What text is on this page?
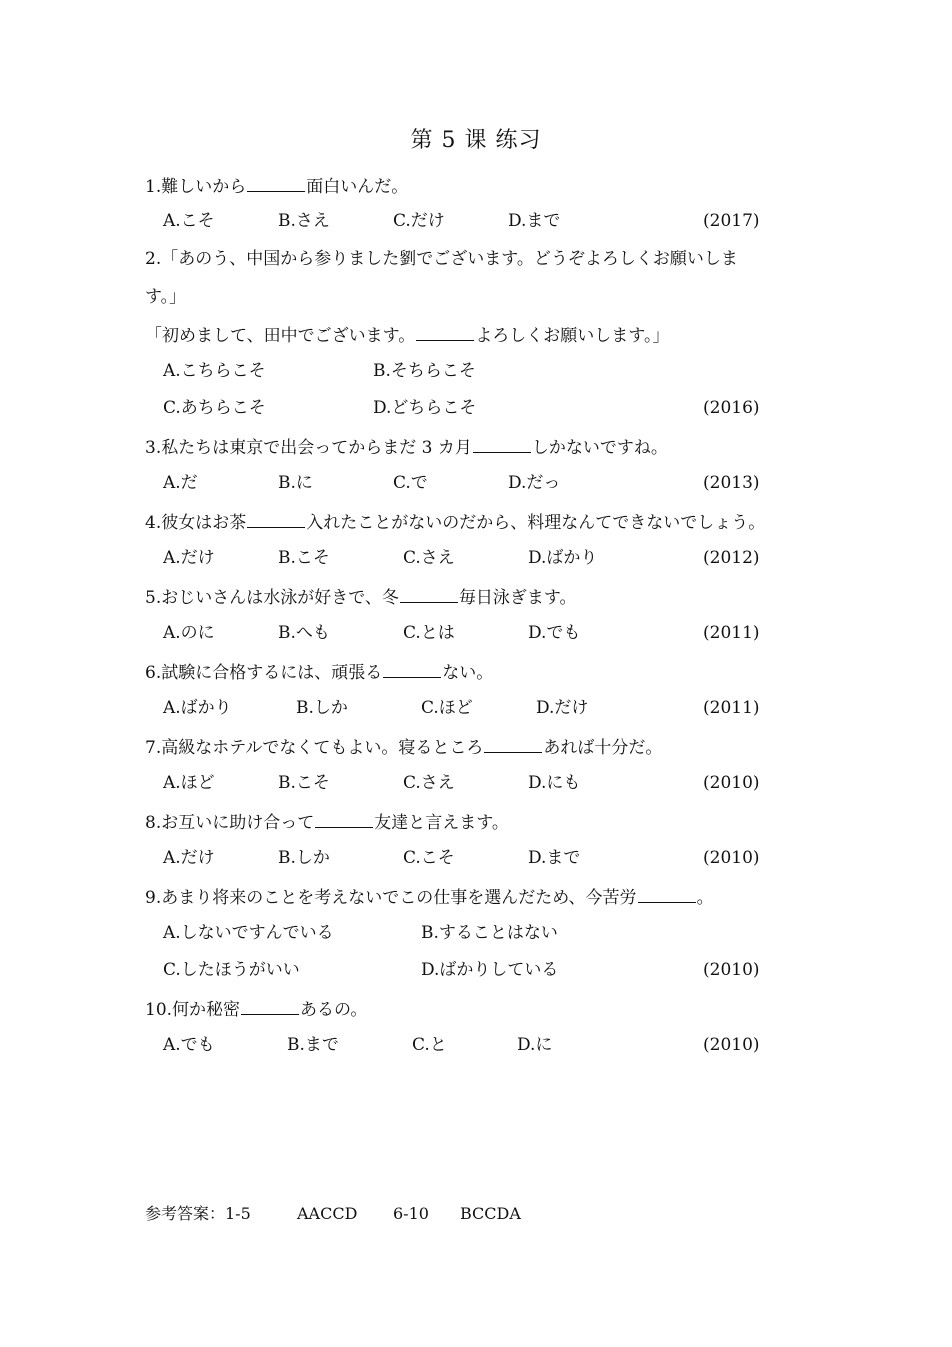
第 5 课 练习
1.難しいから	面白いんだ。
A.こそ	B.さえ	C.だけ	D.まで	(2017)
2.「あのう、中国から参りました劉でございます。どうぞよろしくお願いしま
す。」
「初めまして、田中でございます。	よろしくお願いします。」
A.こちらこそ	B.そちらこそ
C.あちらこそ	D.どちらこそ	(2016)
3.私たちは東京で出会ってからまだ 3 カ月	しかないですね。
A.だ	B.に	C.で	D.だっ	(2013)
4.彼女はお茶	入れたことがないのだから、料理なんてできないでしょう。
A.だけ	B.こそ	C.さえ	D.ばかり	(2012)
5.おじいさんは水泳が好きで、冬	毎日泳ぎます。
A.のに	B.へも	C.とは	D.でも	(2011)
6.試験に合格するには、頑張る	ない。
A.ばかり	B.しか	C.ほど	D.だけ	(2011)
7.高級なホテルでなくてもよい。寝るところ	あれば十分だ。
A.ほど	B.こそ	C.さえ	D.にも	(2010)
8.お互いに助け合って	友達と言えます。
A.だけ	B.しか	C.こそ	D.まで	(2010)
9.あまり将来のことを考えないでこの仕事を選んだため、今苦労	。
A.しないですんでいる	B.することはない
C.したほうがいい	D.ばかりしている	(2010)
10.何か秘密	あるの。
A.でも	B.まで	C.と	D.に	(2010)
参考答案：1-5	AACCD 6-10 BCCDA
